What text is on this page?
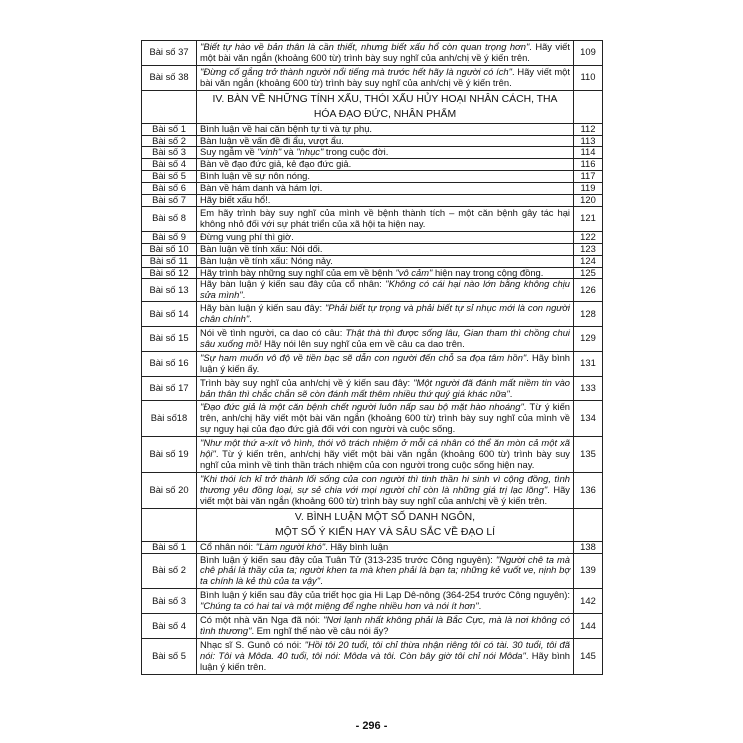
Bài số 37	"Biết tự hào về bản thân là cần thiết, nhưng biết xấu hổ còn quan trọng hơn". Hãy viết một bài văn ngắn (khoảng 600 từ) trình bày suy nghĩ của anh/chị về ý kiến trên.	109
Bài số 38	"Đừng cố gắng trở thành người nổi tiếng mà trước hết hãy là người có ích". Hãy viết một bài văn ngắn (khoảng 600 từ) trình bày suy nghĩ của anh/chị về ý kiến trên.	110
	IV. BÀN VỀ NHỮNG TÍNH XẤU, THÓI XẤU HỦY HOẠI NHÂN CÁCH, THA HÓA ĐẠO ĐỨC, NHÂN PHẨM	
Bài số 1	Bình luận về hai căn bệnh tự ti và tự phụ.	112
Bài số 2	Bàn luận về vấn đề đi ẩu, vượt ẩu.	113
Bài số 3	Suy ngẫm về "vinh" và "nhục" trong cuộc đời.	114
Bài số 4	Bàn về đạo đức giả, kẻ đạo đức giả.	116
Bài số 5	Bình luận về sự nôn nóng.	117
Bài số 6	Bàn về hám danh và hám lợi.	119
Bài số 7	Hãy biết xấu hổ!.	120
Bài số 8	Em hãy trình bày suy nghĩ của mình về bệnh thành tích – một căn bệnh gây tác hại không nhỏ đối với sự phát triển của xã hội ta hiện nay.	121
Bài số 9	Đừng vung phí thì giờ.	122
Bài số 10	Bàn luận về tính xấu: Nói dối.	123
Bài số 11	Bàn luận về tính xấu: Nóng nảy.	124
Bài số 12	Hãy trình bày những suy nghĩ của em về bệnh "vô cảm" hiện nay trong cộng đồng.	125
Bài số 13	Hãy bàn luận ý kiến sau đây của cổ nhân: "Không có cái hại nào lớn bằng không chịu sửa mình".	126
Bài số 14	Hãy bàn luận ý kiến sau đây: "Phải biết tự trọng và phải biết tự sỉ nhục mới là con người chân chính".	128
Bài số 15	Nói về tình người, ca dao có câu: Thật thà thì được sống lâu, Gian tham thì chồng chui sâu xuống mồ! Hãy nói lên suy nghĩ của em về câu ca dao trên.	129
Bài số 16	"Sự ham muốn vô độ về tiền bạc sẽ dẫn con người đến chỗ sa đọa tâm hồn". Hãy bình luận ý kiến ấy.	131
Bài số 17	Trình bày suy nghĩ của anh/chị về ý kiến sau đây: "Một người đã đánh mất niềm tin vào bản thân thì chắc chắn sẽ còn đánh mất thêm nhiều thứ quý giá khác nữa".	133
Bài số18	"Đạo đức giả là một căn bệnh chết người luôn nấp sau bộ mặt hào nhoáng". Từ ý kiến trên, anh/chị hãy viết một bài văn ngắn (khoảng 600 từ) trình bày suy nghĩ của mình về sự nguy hại của đạo đức giả đối với con người và cuộc sống.	134
Bài số 19	"Như một thứ a-xít vô hình, thói vô trách nhiệm ở mỗi cá nhân có thể ăn mòn cả một xã hội". Từ ý kiến trên, anh/chị hãy viết một bài văn ngắn (khoảng 600 từ) trình bày suy nghĩ của mình về tinh thần trách nhiệm của con người trong cuộc sống hiện nay.	135
Bài số 20	"Khi thói ích kỉ trở thành lối sống của con người thì tinh thần hi sinh vì cộng đồng, tình thương yêu đồng loại, sự sẻ chia với mọi người chỉ còn là những giá trị lạc lõng". Hãy viết một bài văn ngắn (khoảng 600 từ) trình bày suy nghĩ của anh/chị về ý kiến trên.	136
	V. BÌNH LUẬN MỘT SỐ DANH NGÔN,
MỘT SỐ Ý KIẾN HAY VÀ SÂU SẮC VỀ ĐẠO LÍ	
Bài số 1	Cổ nhân nói: "Làm người khó". Hãy bình luận	138
Bài số 2	Bình luận ý kiến sau đây của Tuân Tử (313-235 trước Công nguyên): "Người chê ta mà chê phải là thầy của ta; người khen ta mà khen phải là bạn ta; những kẻ vuốt ve, nịnh bợ ta chính là kẻ thù của ta vậy".	139
Bài số 3	Bình luận ý kiến sau đây của triết học gia Hi Lạp Dê-nông (364-254 trước Công nguyên): "Chúng ta có hai tai và một miệng để nghe nhiều hơn và nói ít hơn".	142
Bài số 4	Có một nhà văn Nga đã nói: "Nơi lạnh nhất không phải là Bắc Cực, mà là nơi không có tình thương". Em nghĩ thế nào về câu nói ấy?	144
Bài số 5	Nhạc sĩ S. Gunô có nói: "Hồi tôi 20 tuổi, tôi chỉ thừa nhận riêng tôi có tài. 30 tuổi, tôi đã nói: Tôi và Môda. 40 tuổi, tôi nói: Môda và tôi. Còn bây giờ tôi chỉ nói Môda". Hãy bình luận ý kiến trên.	145
- 296 -
